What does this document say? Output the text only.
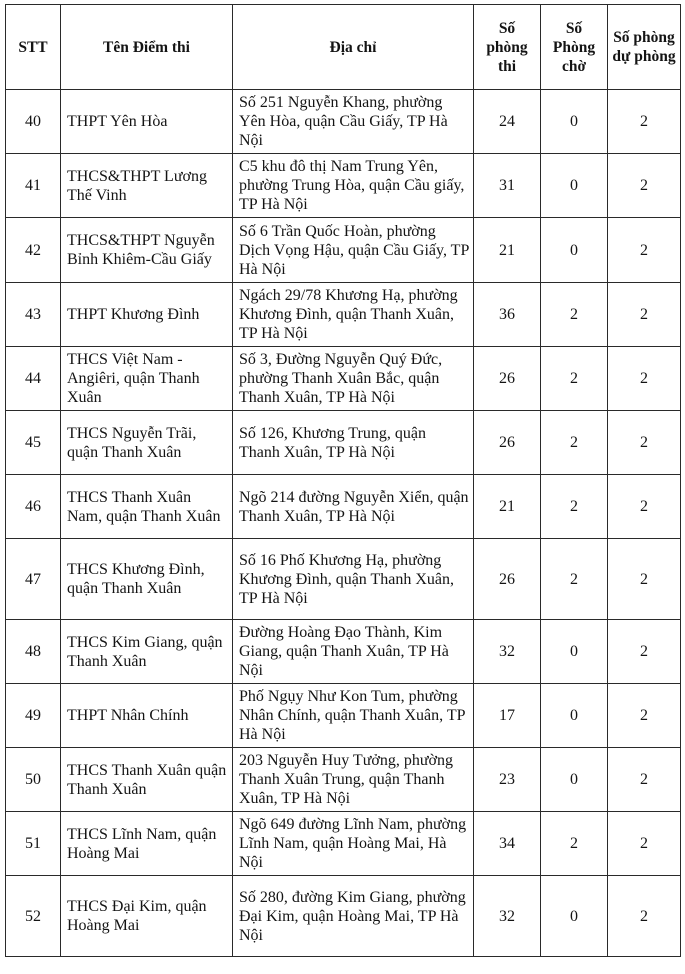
STT	Tên Điểm thi	Địa chỉ	Số phòng thi	Số Phòng chờ	Số phòng dự phòng
40	THPT Yên Hòa	Số 251 Nguyễn Khang, phường Yên Hòa, quận Cầu Giấy, TP Hà Nội	24	0	2
41	THCS&THPT Lương Thế Vinh	C5 khu đô thị Nam Trung Yên, phường Trung Hòa, quận Cầu giấy, TP Hà Nội	31	0	2
42	THCS&THPT Nguyễn Bỉnh Khiêm-Cầu Giấy	Số 6 Trần Quốc Hoàn, phường Dịch Vọng Hậu, quận Cầu Giấy, TP Hà Nội	21	0	2
43	THPT Khương Đình	Ngách 29/78 Khương Hạ, phường Khương Đình, quận Thanh Xuân, TP Hà Nội	36	2	2
44	THCS Việt Nam - Angiêri, quận Thanh Xuân	Số 3, Đường Nguyễn Quý Đức, phường Thanh Xuân Bắc, quận Thanh Xuân, TP Hà Nội	26	2	2
45	THCS Nguyễn Trãi, quận Thanh Xuân	Số 126, Khương Trung, quận Thanh Xuân, TP Hà Nội	26	2	2
46	THCS Thanh Xuân Nam, quận Thanh Xuân	Ngõ 214 đường Nguyễn Xiển, quận Thanh Xuân, TP Hà Nội	21	2	2
47	THCS Khương Đình, quận Thanh Xuân	Số 16 Phố Khương Hạ, phường Khương Đình, quận Thanh Xuân, TP Hà Nội	26	2	2
48	THCS Kim Giang, quận Thanh Xuân	Đường Hoàng Đạo Thành, Kim Giang, quận Thanh Xuân, TP Hà Nội	32	0	2
49	THPT Nhân Chính	Phố Ngụy Như Kon Tum, phường Nhân Chính, quận Thanh Xuân, TP Hà Nội	17	0	2
50	THCS Thanh Xuân quận Thanh Xuân	203 Nguyễn Huy Tưởng, phường Thanh Xuân Trung, quận Thanh Xuân, TP Hà Nội	23	0	2
51	THCS Lĩnh Nam, quận Hoàng Mai	Ngõ 649 đường Lĩnh Nam, phường Lĩnh Nam, quận Hoàng Mai, Hà Nội	34	2	2
52	THCS Đại Kim, quận Hoàng Mai	Số 280, đường Kim Giang, phường Đại Kim, quận Hoàng Mai, TP Hà Nội	32	0	2
